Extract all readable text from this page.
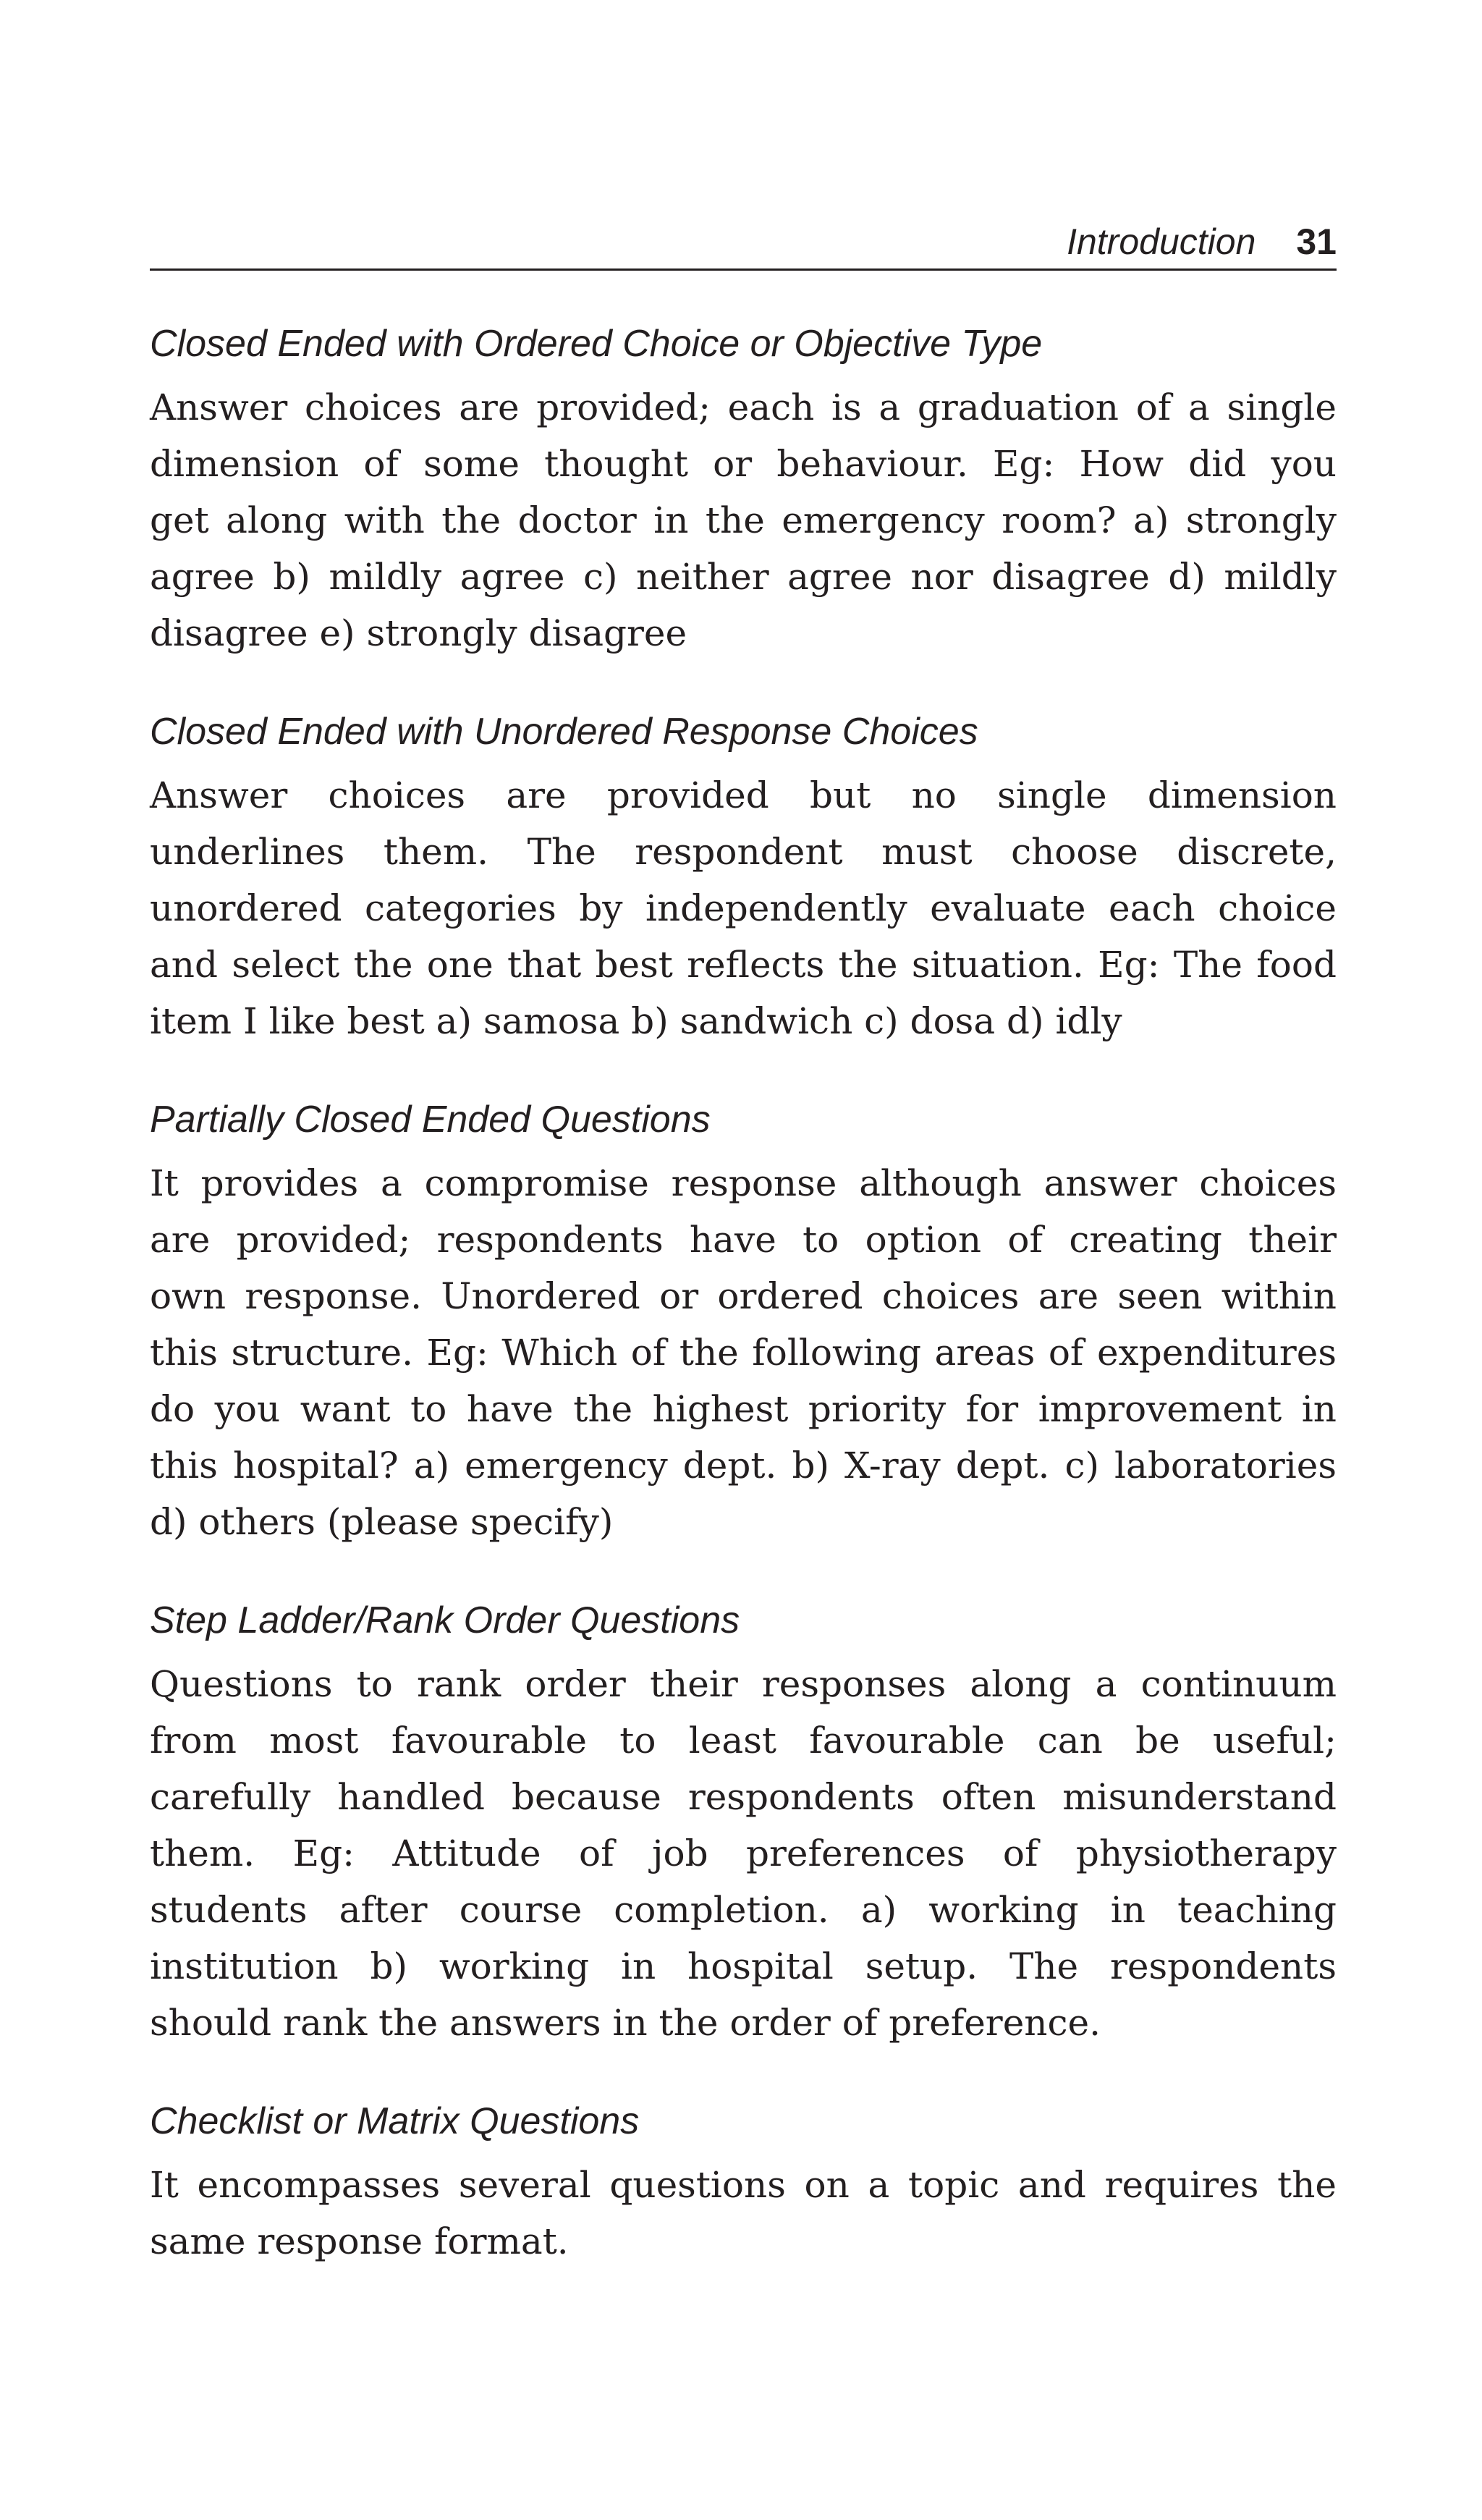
Introduction 31
Closed Ended with Ordered Choice or Objective Type
Answer choices are provided; each is a graduation of a single
dimension of some thought or behaviour. Eg: How did you
get along with the doctor in the emergency room? a) strongly
agree b) mildly agree c) neither agree nor disagree d) mildly
disagree e) strongly disagree
Closed Ended with Unordered Response Choices
Answer choices are provided but no single dimension
underlines them. The respondent must choose discrete,
unordered categories by independently evaluate each choice
and select the one that best reflects the situation. Eg: The food
item I like best a) samosa b) sandwich c) dosa d) idly
Partially Closed Ended Questions
It provides a compromise response although answer choices
are provided; respondents have to option of creating their
own response. Unordered or ordered choices are seen within
this structure. Eg: Which of the following areas of expenditures
do you want to have the highest priority for improvement in
this hospital? a) emergency dept. b) X-ray dept. c) laboratories
d) others (please specify)
Step Ladder/Rank Order Questions
Questions to rank order their responses along a continuum
from most favourable to least favourable can be useful;
carefully handled because respondents often misunderstand
them. Eg: Attitude of job preferences of physiotherapy
students after course completion. a) working in teaching
institution b) working in hospital setup. The respondents
should rank the answers in the order of preference.
Checklist or Matrix Questions
It encompasses several questions on a topic and requires the
same response format.
